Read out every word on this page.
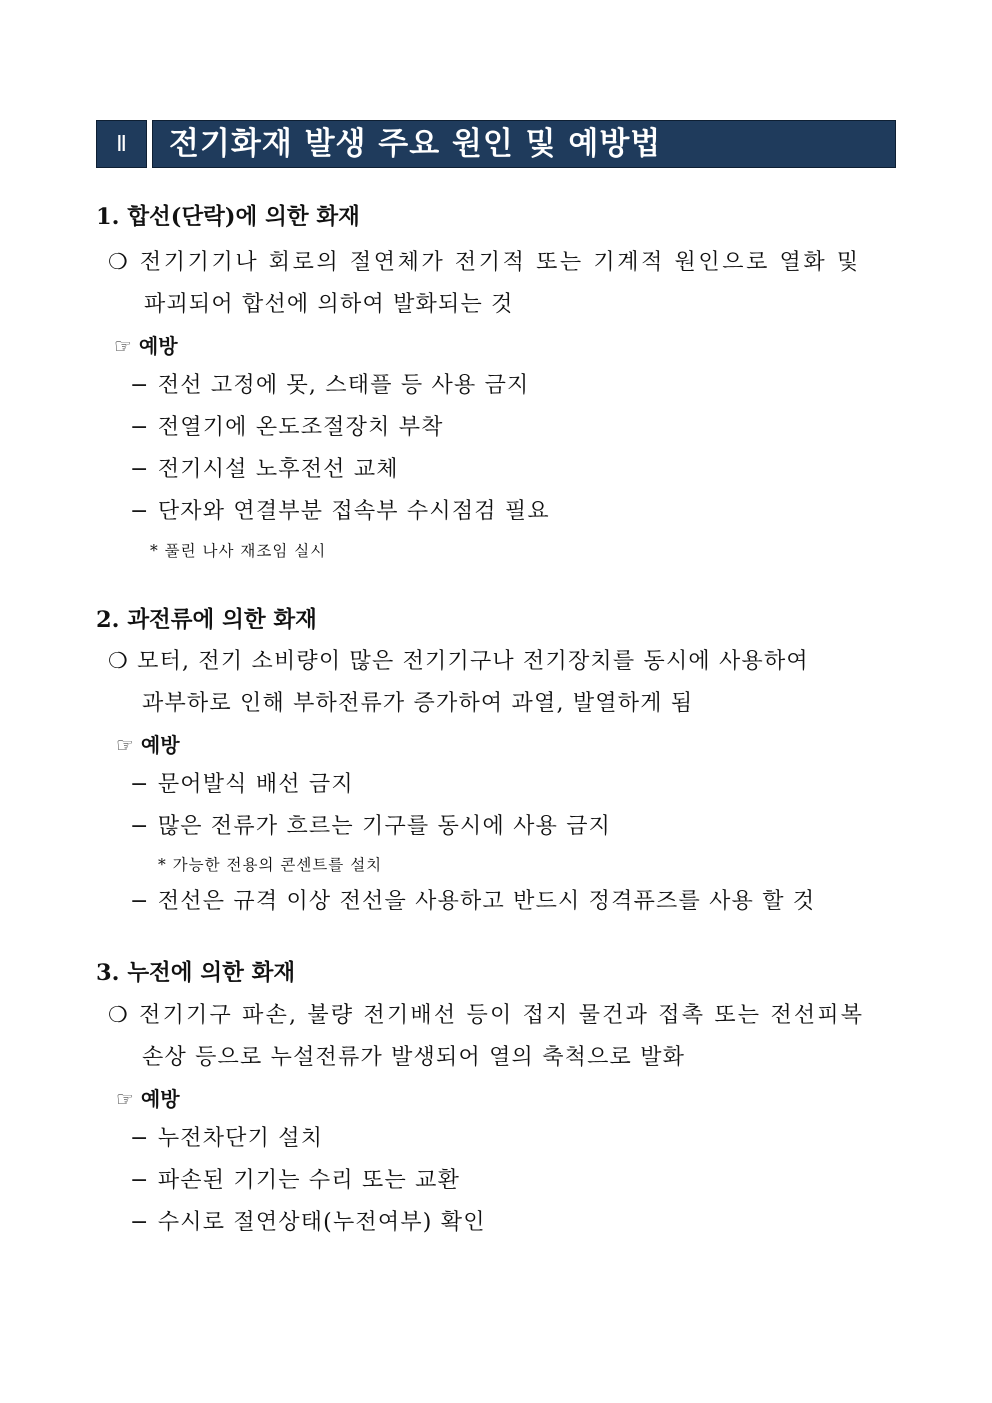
Ⅱ	전기화재 발생 주요 원인 및 예방법
1. 합선(단락)에 의한 화재
❍ 전기기기나 회로의 절연체가 전기적 또는 기계적 원인으로 열화 및
파괴되어 합선에 의하여 발화되는 것
☞ 예방
− 전선 고정에 못, 스태플 등 사용 금지
− 전열기에 온도조절장치 부착
− 전기시설 노후전선 교체
− 단자와 연결부분 접속부 수시점검 필요
* 풀린 나사 재조임 실시
2. 과전류에 의한 화재
❍ 모터, 전기 소비량이 많은 전기기구나 전기장치를 동시에 사용하여
과부하로 인해 부하전류가 증가하여 과열, 발열하게 됨
☞ 예방
− 문어발식 배선 금지
− 많은 전류가 흐르는 기구를 동시에 사용 금지
* 가능한 전용의 콘센트를 설치
− 전선은 규격 이상 전선을 사용하고 반드시 정격퓨즈를 사용 할 것
3. 누전에 의한 화재
❍ 전기기구 파손, 불량 전기배선 등이 접지 물건과 접촉 또는 전선피복
손상 등으로 누설전류가 발생되어 열의 축척으로 발화
☞ 예방
− 누전차단기 설치
− 파손된 기기는 수리 또는 교환
− 수시로 절연상태(누전여부) 확인
